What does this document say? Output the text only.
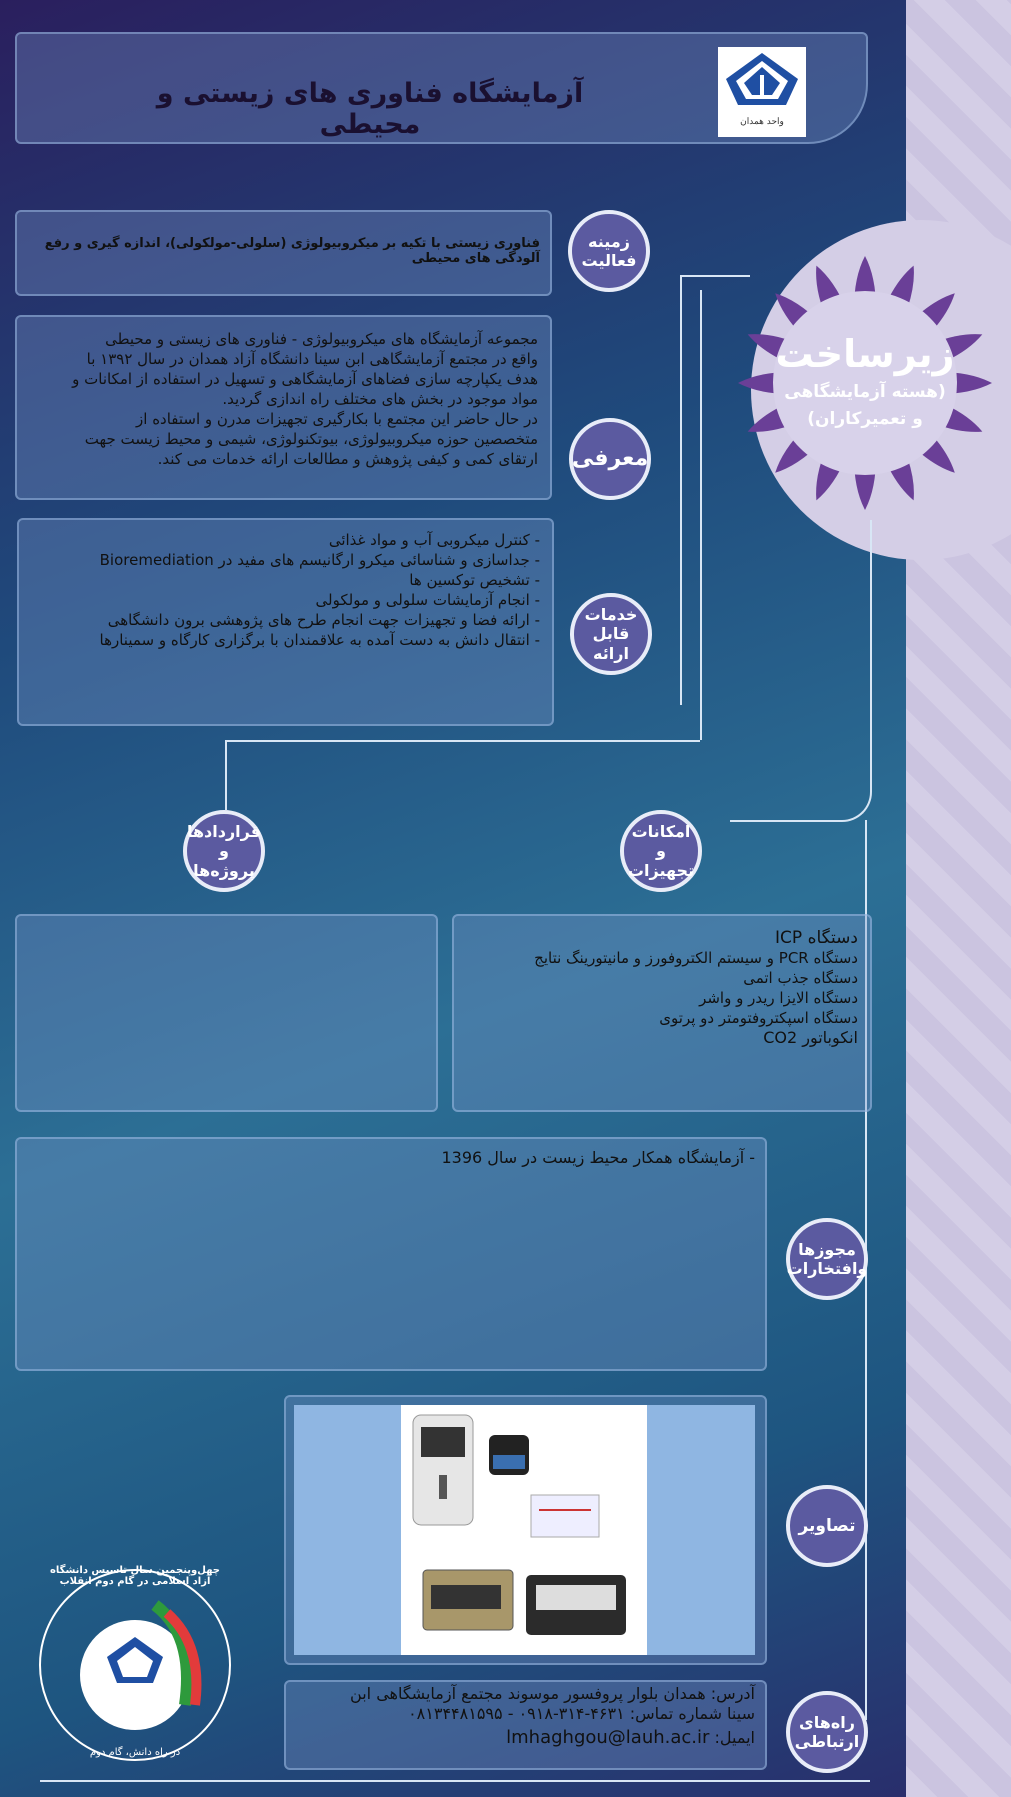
آزمایشگاه فناوری های زیستی و محیطی	واحد همدان
زیرساخت
(هسته آزمایشگاهی
و تعمیرکاران)
فناوری زیستی با تکیه بر میکروبیولوژی (سلولی-مولکولی)، اندازه گیری و رفع آلودگی های محیطی
زمینه
فعالیت
مجموعه آزمایشگاه های میکروبیولوژی - فناوری های زیستی و محیطی
واقع در مجتمع آزمایشگاهی ابن سینا دانشگاه آزاد همدان در سال ۱۳۹۲ با
هدف یکپارچه سازی فضاهای آزمایشگاهی و تسهیل در استفاده از امکانات و
مواد موجود در بخش های مختلف راه اندازی گردید.
در حال حاضر این مجتمع با بکارگیری تجهیزات مدرن و استفاده از
متخصصین حوزه میکروبیولوژی، بیوتکنولوژی، شیمی و محیط زیست جهت
ارتقای کمی و کیفی پژوهش و مطالعات ارائه خدمات می کند. معرفی
- کنترل میکروبی آب و مواد غذائی
- جداسازی و شناسائی میکرو ارگانیسم های مفید در Bioremediation
- تشخیص توکسین ها
- انجام آزمایشات سلولی و مولکولی
- ارائه فضا و تجهیزات جهت انجام طرح های پژوهشی برون دانشگاهی
- انتقال دانش به دست آمده به علاقمندان با برگزاری کارگاه و سمینارها
خدمات
قابل ارائه
قراردادها و
پروژه‌ها
امکانات و
تجهیزات
دستگاه ICP
دستگاه PCR و سیستم الکتروفورز و مانیتورینگ نتایج
دستگاه جذب اتمی
دستگاه الایزا ریدر و واشر
دستگاه اسپکتروفتومتر دو پرتوی
انکوباتور CO2
- آزمایشگاه همکار محیط زیست در سال 1396
مجوزها
وافتخارات
تصاویر
آدرس: همدان بلوار پروفسور موسوند مجتمع آزمایشگاهی ابن
سینا شماره تماس: ۴۶۳۱-۳۱۴-۰۹۱۸ - ۰۸۱۳۴۴۸۱۵۹۵
ایمیل: lmhaghgou@lauh.ac.ir
راه‌های
ارتباطی
چهل‌وپنجمین سال تاسیس دانشگاه آزاد اسلامی در گام دوم انقلاب
در راه دانش، گام دوم
